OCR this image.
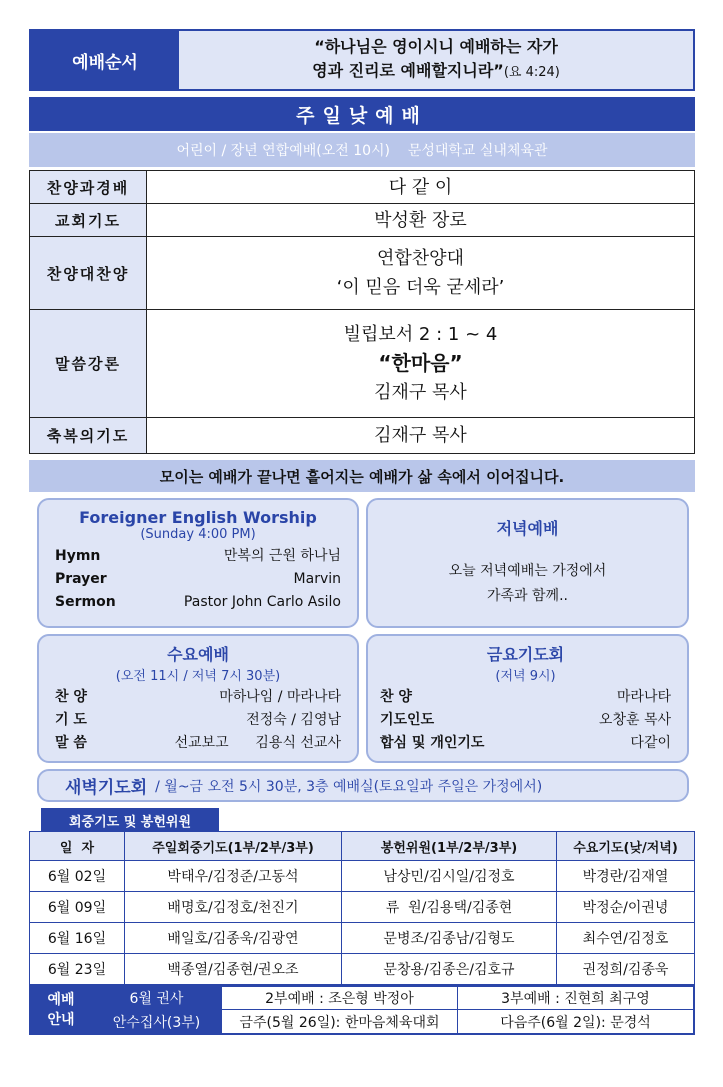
예배순서
“하나님은 영이시니 예배하는 자가
영과 진리로 예배할지니라”(요 4:24)
주일낮예배
어린이 / 장년 연합예배(오전 10시)    문성대학교 실내체육관
찬양과경배	다 같 이
교회기도	박성환 장로
찬양대찬양	연합찬양대
‘이 믿음 더욱 굳세라’

말씀강론	빌립보서 2 : 1 ~ 4
“한마음”
김재구 목사

축복의기도	김재구 목사
모이는 예배가 끝나면 흩어지는 예배가 삶 속에서 이어집니다.
Foreigner English Worship
(Sunday 4:00 PM)
Hymn	만복의 근원 하나님
Prayer	Marvin
Sermon	Pastor John Carlo Asilo
저녁예배
오늘 저녁예배는 가정에서
가족과 함께..
수요예배
(오전 11시 / 저녁 7시 30분)
찬 양	마하나임 / 마라나타
기 도	전정숙 / 김영남
말 씀	선교보고      김용식 선교사
금요기도회
(저녁 9시)
찬 양	마라나타
기도인도	오창훈 목사
합심 및 개인기도	다같이
새벽기도회 / 월~금 오전 5시 30분, 3층 예배실(토요일과 주일은 가정에서)
회중기도 및 봉헌위원
일  자	주일회중기도(1부/2부/3부)	봉헌위원(1부/2부/3부)	수요기도(낮/저녁)
6월 02일	박태우/김정준/고동석	남상민/김시일/김정호	박경란/김재열
6월 09일	배명호/김정호/천진기	류  원/김용택/김종현	박정순/이권녕
6월 16일	배일호/김종욱/김광연	문병조/김종남/김형도	최수연/김정호
6월 23일	백종열/김종현/권오조	문창용/김종은/김호규	권정희/김종욱
예배
안내
6월 권사	2부예배 : 조은형 박정아	3부예배 : 진현희 최구영
안수집사(3부)	금주(5월 26일): 한마음체육대회	다음주(6월 2일): 문경석
